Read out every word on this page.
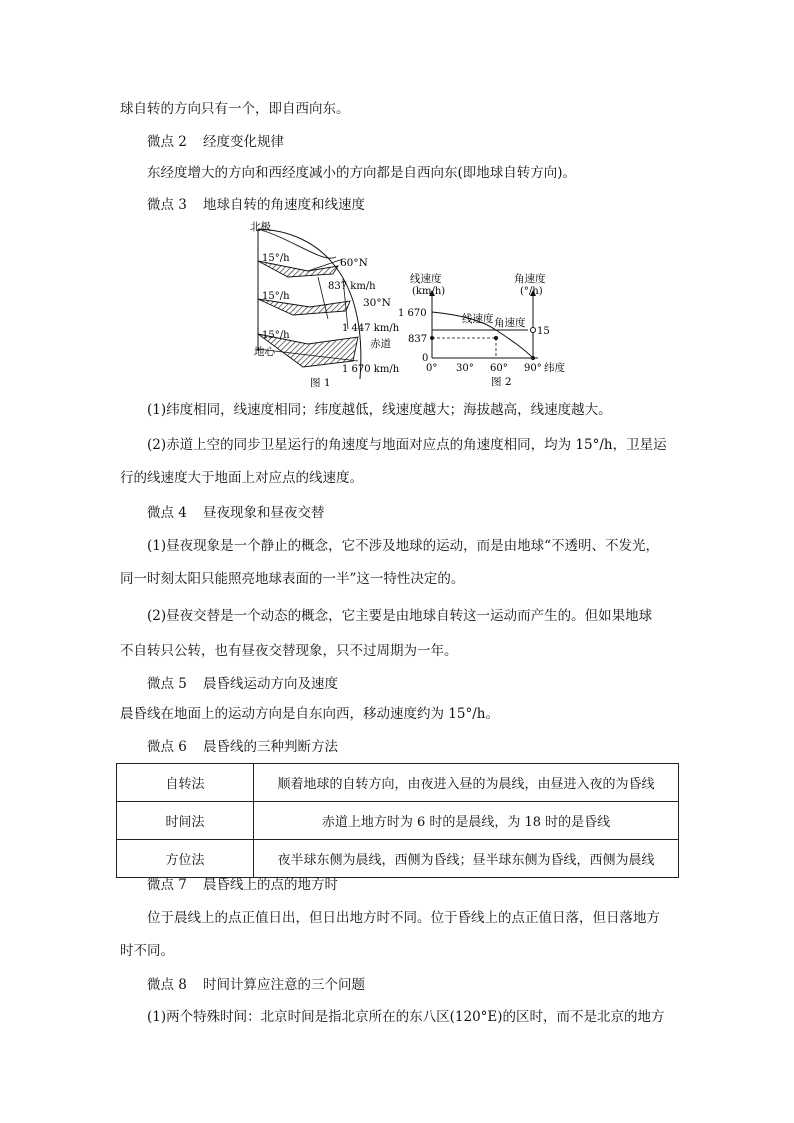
球自转的方向只有一个，即自西向东。
微点 2 经度变化规律
东经度增大的方向和西经度减小的方向都是自西向东(即地球自转方向)。
微点 3 地球自转的角速度和线速度
北极
15°/h
15°/h
15°/h
60°N
837 km/h
30°N
1 447 km/h
赤道
地心
1 670 km/h
图 1
线速度
(km/h)
角速度
(°/h)
1 670
837
0
线速度 角速度
15
0° 30° 60° 90° 纬度
图 2
(1)纬度相同，线速度相同；纬度越低，线速度越大；海拔越高，线速度越大。
(2)赤道上空的同步卫星运行的角速度与地面对应点的角速度相同，均为 15°/h，卫星运
行的线速度大于地面上对应点的线速度。
微点 4 昼夜现象和昼夜交替
(1)昼夜现象是一个静止的概念，它不涉及地球的运动，而是由地球“不透明、不发光，
同一时刻太阳只能照亮地球表面的一半”这一特性决定的。
(2)昼夜交替是一个动态的概念，它主要是由地球自转这一运动而产生的。但如果地球
不自转只公转，也有昼夜交替现象，只不过周期为一年。
微点 5 晨昏线运动方向及速度
晨昏线在地面上的运动方向是自东向西，移动速度约为 15°/h。
微点 6 晨昏线的三种判断方法
自转法	顺着地球的自转方向，由夜进入昼的为晨线，由昼进入夜的为昏线
时间法	赤道上地方时为 6 时的是晨线，为 18 时的是昏线
方位法	夜半球东侧为晨线，西侧为昏线；昼半球东侧为昏线，西侧为晨线
微点 7 晨昏线上的点的地方时
位于晨线上的点正值日出，但日出地方时不同。位于昏线上的点正值日落，但日落地方
时不同。
微点 8 时间计算应注意的三个问题
(1)两个特殊时间：北京时间是指北京所在的东八区(120°E)的区时，而不是北京的地方
